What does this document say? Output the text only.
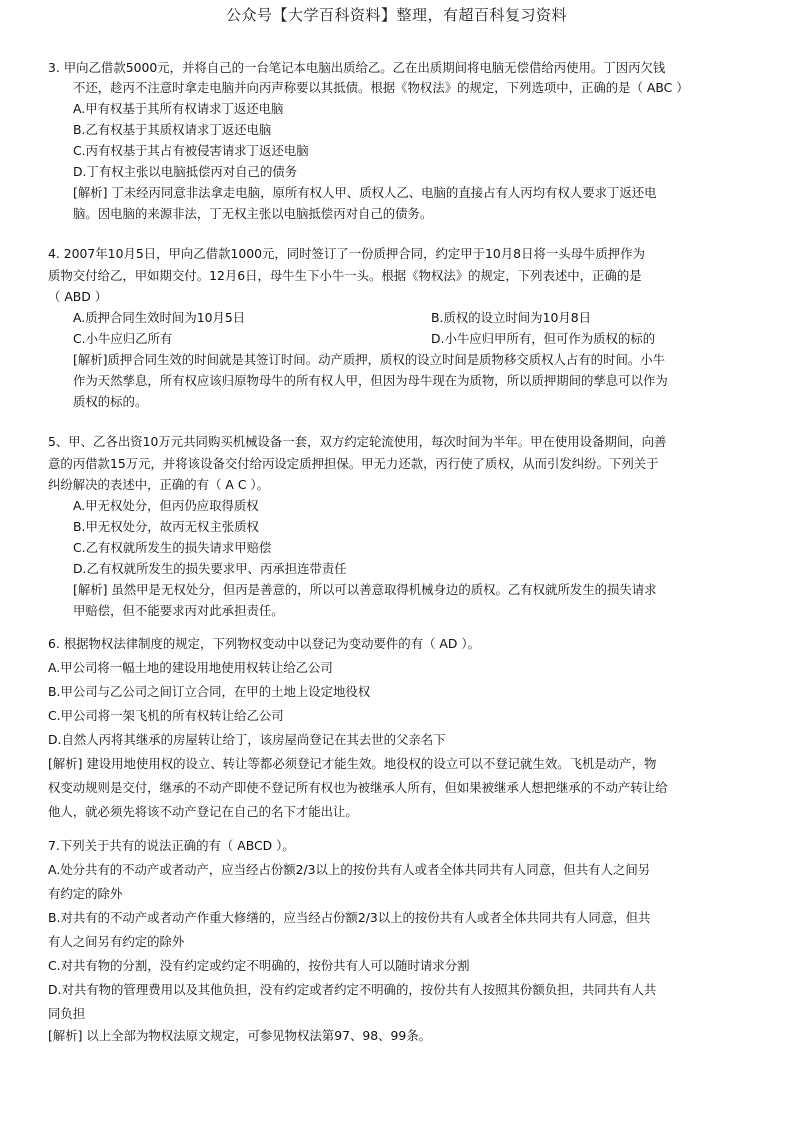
公众号【大学百科资料】整理，有超百科复习资料
3. 甲向乙借款5000元，并将自己的一台笔记本电脑出质给乙。乙在出质期间将电脑无偿借给丙使用。丁因丙欠钱
不还，趁丙不注意时拿走电脑并向丙声称要以其抵债。根据《物权法》的规定，下列选项中，正确的是（ ABC ）
A.甲有权基于其所有权请求丁返还电脑
B.乙有权基于其质权请求丁返还电脑
C.丙有权基于其占有被侵害请求丁返还电脑
D.丁有权主张以电脑抵偿丙对自己的债务
[解析] 丁未经丙同意非法拿走电脑，原所有权人甲、质权人乙、电脑的直接占有人丙均有权人要求丁返还电
脑。因电脑的来源非法，丁无权主张以电脑抵偿丙对自己的债务。
4. 2007年10月5日，甲向乙借款1000元，同时签订了一份质押合同，约定甲于10月8日将一头母牛质押作为
质物交付给乙，甲如期交付。12月6日，母牛生下小牛一头。根据《物权法》的规定，下列表述中，正确的是
（ ABD ）
A.质押合同生效时间为10月5日	B.质权的设立时间为10月8日
C.小牛应归乙所有	D.小牛应归甲所有，但可作为质权的标的
[解析]质押合同生效的时间就是其签订时间。动产质押，质权的设立时间是质物移交质权人占有的时间。小牛
作为天然孳息，所有权应该归原物母牛的所有权人甲，但因为母牛现在为质物，所以质押期间的孳息可以作为
质权的标的。
5、甲、乙各出资10万元共同购买机械设备一套，双方约定轮流使用，每次时间为半年。甲在使用设备期间，向善
意的丙借款15万元，并将该设备交付给丙设定质押担保。甲无力还款，丙行使了质权，从而引发纠纷。下列关于
纠纷解决的表述中，正确的有（ A C ）。
A.甲无权处分，但丙仍应取得质权
B.甲无权处分，故丙无权主张质权
C.乙有权就所发生的损失请求甲赔偿
D.乙有权就所发生的损失要求甲、丙承担连带责任
[解析] 虽然甲是无权处分，但丙是善意的，所以可以善意取得机械身边的质权。乙有权就所发生的损失请求
甲赔偿，但不能要求丙对此承担责任。
6. 根据物权法律制度的规定，下列物权变动中以登记为变动要件的有（ AD ）。
A.甲公司将一幅土地的建设用地使用权转让给乙公司
B.甲公司与乙公司之间订立合同，在甲的土地上设定地役权
C.甲公司将一架飞机的所有权转让给乙公司
D.自然人丙将其继承的房屋转让给丁，该房屋尚登记在其去世的父亲名下
[解析] 建设用地使用权的设立、转让等都必须登记才能生效。地役权的设立可以不登记就生效。飞机是动产，物
权变动规则是交付，继承的不动产即使不登记所有权也为被继承人所有，但如果被继承人想把继承的不动产转让给
他人，就必须先将该不动产登记在自己的名下才能出让。
7.下列关于共有的说法正确的有（ ABCD ）。
A.处分共有的不动产或者动产，应当经占份额2/3以上的按份共有人或者全体共同共有人同意，但共有人之间另
有约定的除外
B.对共有的不动产或者动产作重大修缮的，应当经占份额2/3以上的按份共有人或者全体共同共有人同意，但共
有人之间另有约定的除外
C.对共有物的分割，没有约定或约定不明确的，按份共有人可以随时请求分割
D.对共有物的管理费用以及其他负担，没有约定或者约定不明确的，按份共有人按照其份额负担，共同共有人共
同负担
[解析] 以上全部为物权法原文规定，可参见物权法第97、98、99条。
